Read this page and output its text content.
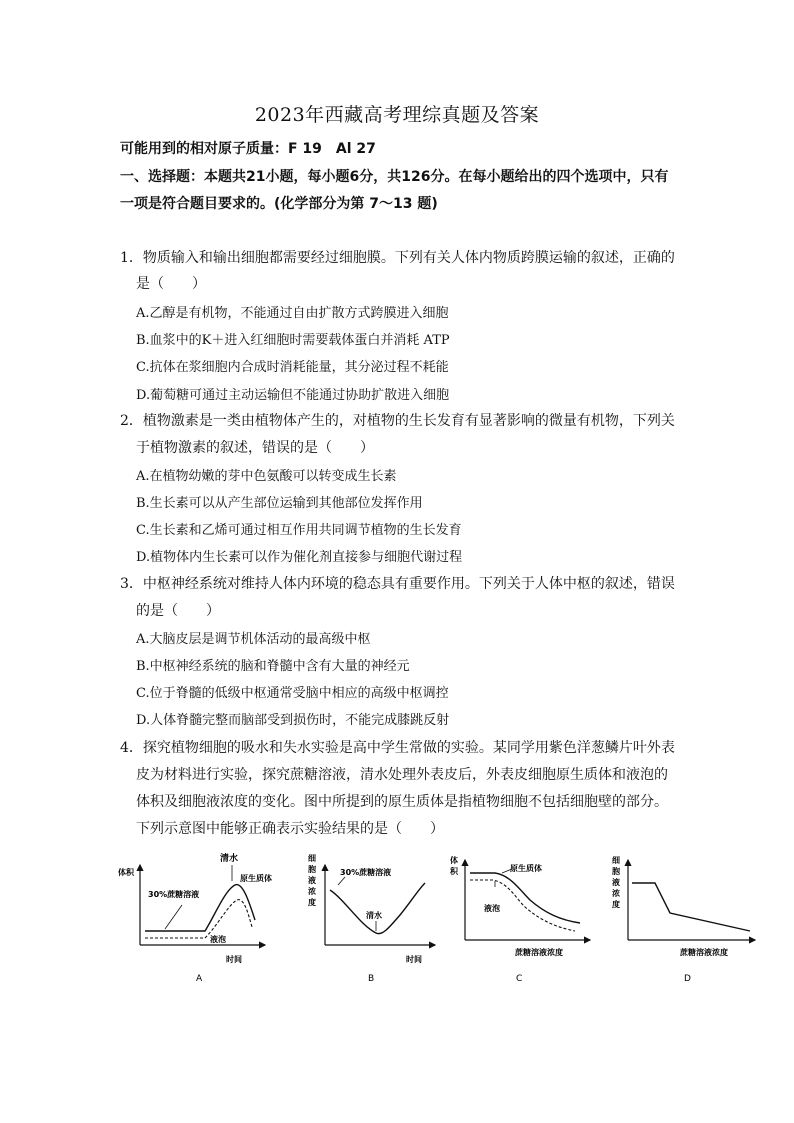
2023年西藏高考理综真题及答案
可能用到的相对原子质量：F 19　Al 27
一、选择题：本题共21小题，每小题6分，共126分。在每小题给出的四个选项中，只有
一项是符合题目要求的。(化学部分为第 7～13 题)
1．物质输入和输出细胞都需要经过细胞膜。下列有关人体内物质跨膜运输的叙述，正确的
是（　　）
A.乙醇是有机物，不能通过自由扩散方式跨膜进入细胞
B.血浆中的K＋进入红细胞时需要载体蛋白并消耗 ATP
C.抗体在浆细胞内合成时消耗能量，其分泌过程不耗能
D.葡萄糖可通过主动运输但不能通过协助扩散进入细胞
2．植物激素是一类由植物体产生的，对植物的生长发育有显著影响的微量有机物，下列关
于植物激素的叙述，错误的是（　　）
A.在植物幼嫩的芽中色氨酸可以转变成生长素
B.生长素可以从产生部位运输到其他部位发挥作用
C.生长素和乙烯可通过相互作用共同调节植物的生长发育
D.植物体内生长素可以作为催化剂直接参与细胞代谢过程
3．中枢神经系统对维持人体内环境的稳态具有重要作用。下列关于人体中枢的叙述，错误
的是（　　）
A.大脑皮层是调节机体活动的最高级中枢
B.中枢神经系统的脑和脊髓中含有大量的神经元
C.位于脊髓的低级中枢通常受脑中相应的高级中枢调控
D.人体脊髓完整而脑部受到损伤时，不能完成膝跳反射
4．探究植物细胞的吸水和失水实验是高中学生常做的实验。某同学用紫色洋葱鳞片叶外表
皮为材料进行实验，探究蔗糖溶液，清水处理外表皮后，外表皮细胞原生质体和液泡的
体积及细胞液浓度的变化。图中所提到的原生质体是指植物细胞不包括细胞壁的部分。
下列示意图中能够正确表示实验结果的是（　　）
体积
清水
原生质体
30%蔗糖溶液
液泡
时间
A
细胞液浓度
30%蔗糖溶液
清水
时间
B
体积	原生质体
液泡
蔗糖溶液浓度
C
细胞液浓度
蔗糖溶液浓度
D
